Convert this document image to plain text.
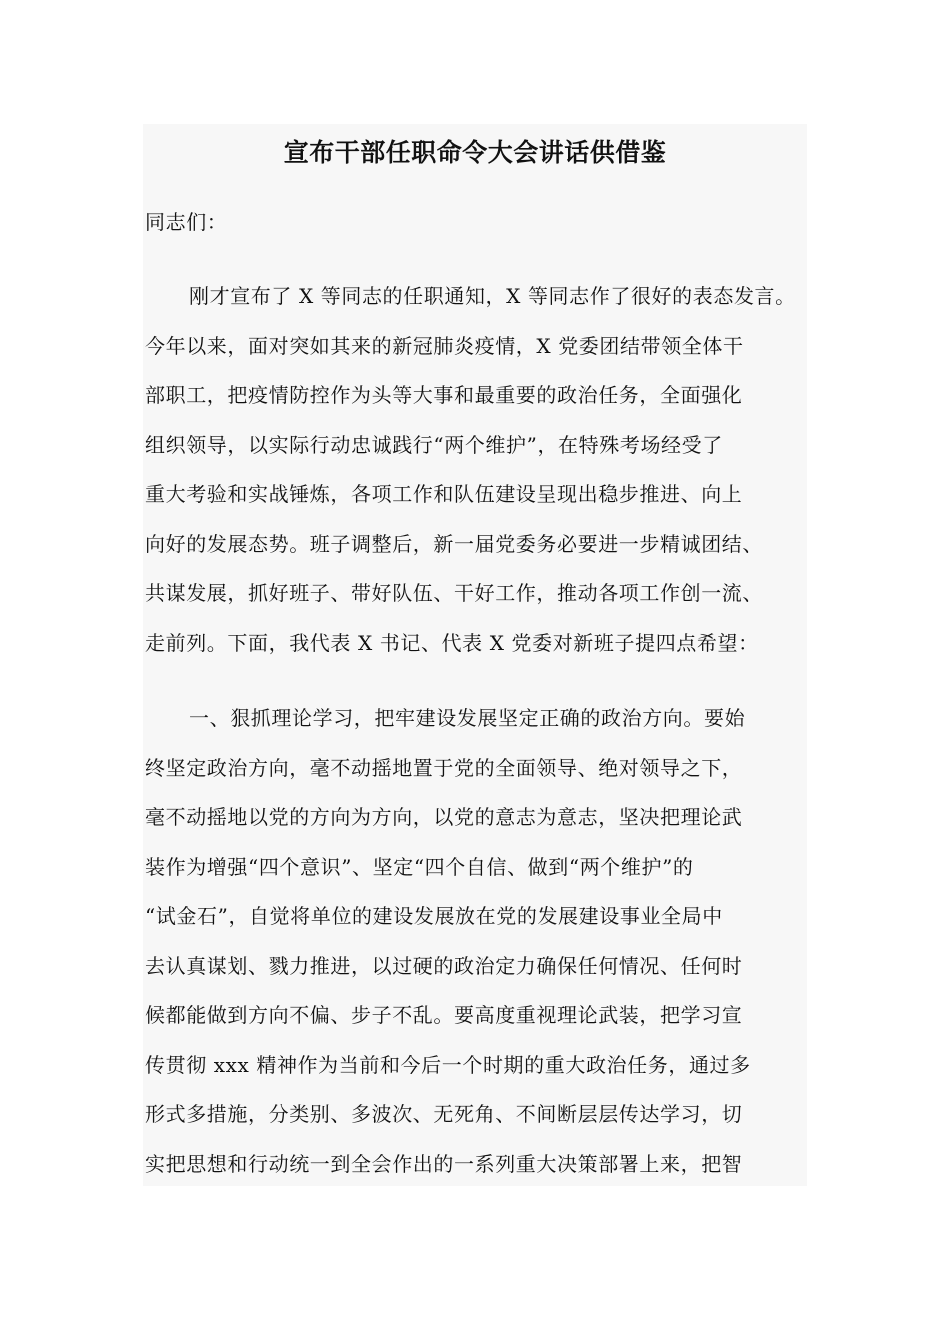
宣布干部任职命令大会讲话供借鉴
同志们：
刚才宣布了 X 等同志的任职通知，X 等同志作了很好的表态发言。
今年以来，面对突如其来的新冠肺炎疫情，X 党委团结带领全体干
部职工，把疫情防控作为头等大事和最重要的政治任务，全面强化
组织领导，以实际行动忠诚践行“两个维护”，在特殊考场经受了
重大考验和实战锤炼，各项工作和队伍建设呈现出稳步推进、向上
向好的发展态势。班子调整后，新一届党委务必要进一步精诚团结、
共谋发展，抓好班子、带好队伍、干好工作，推动各项工作创一流、
走前列。下面，我代表 X 书记、代表 X 党委对新班子提四点希望：
一、狠抓理论学习，把牢建设发展坚定正确的政治方向。要始
终坚定政治方向，毫不动摇地置于党的全面领导、绝对领导之下，
毫不动摇地以党的方向为方向，以党的意志为意志，坚决把理论武
装作为增强“四个意识”、坚定“四个自信、做到“两个维护”的
“试金石”，自觉将单位的建设发展放在党的发展建设事业全局中
去认真谋划、戮力推进，以过硬的政治定力确保任何情况、任何时
候都能做到方向不偏、步子不乱。要高度重视理论武装，把学习宣
传贯彻 xxx 精神作为当前和今后一个时期的重大政治任务，通过多
形式多措施，分类别、多波次、无死角、不间断层层传达学习，切
实把思想和行动统一到全会作出的一系列重大决策部署上来，把智
